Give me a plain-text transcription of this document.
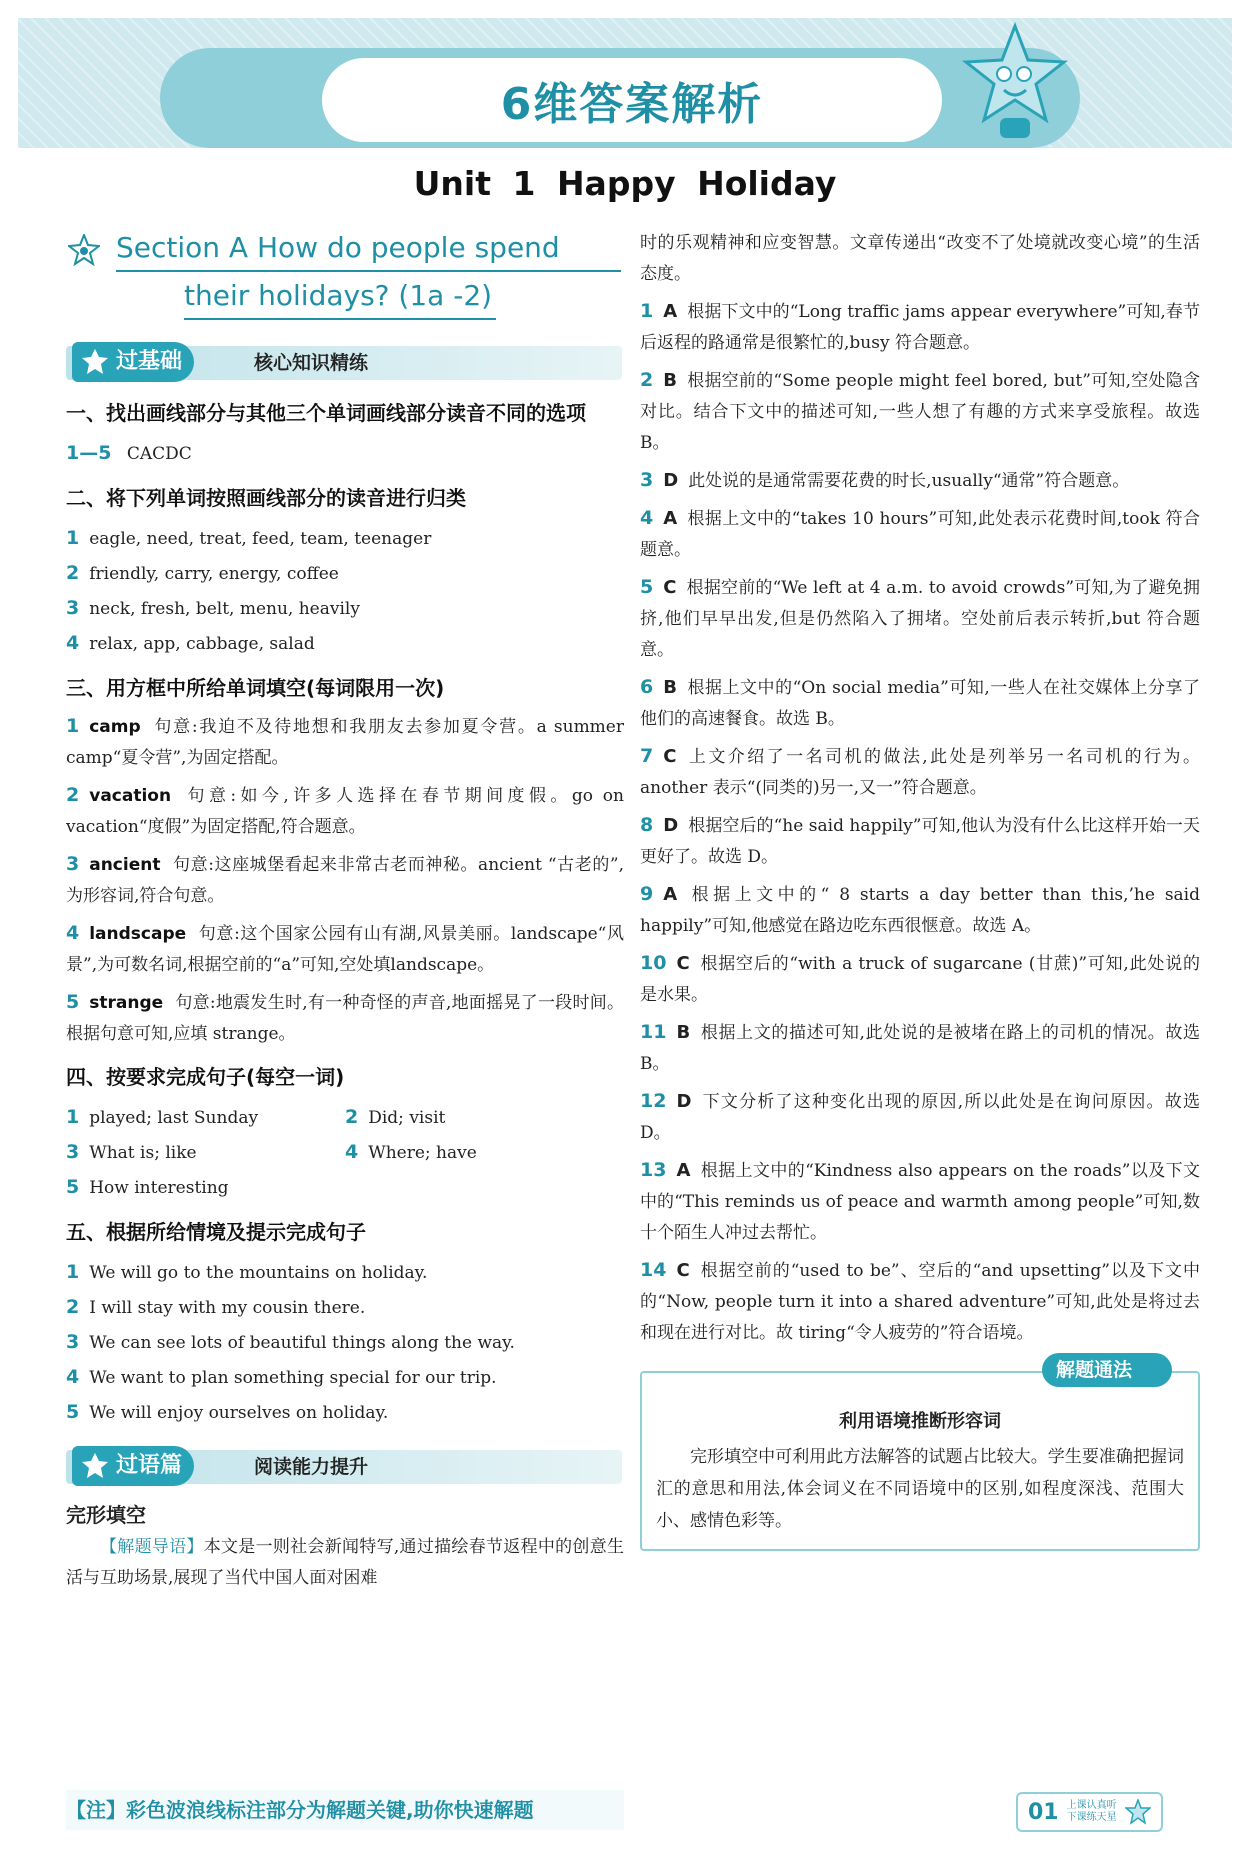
6维答案解析
Unit 1 Happy Holiday
Section A How do people spend
their holidays? (1a -2)
过基础	核心知识精练
一、找出画线部分与其他三个单词画线部分读音不同的选项
1—5 CACDC
二、将下列单词按照画线部分的读音进行归类
1 eagle, need, treat, feed, team, teenager
2 friendly, carry, energy, coffee
3 neck, fresh, belt, menu, heavily
4 relax, app, cabbage, salad
三、用方框中所给单词填空(每词限用一次)
1 camp 句意:我迫不及待地想和我朋友去参加夏令营。a summer camp“夏令营”,为固定搭配。
2 vacation 句意:如今,许多人选择在春节期间度假。go on vacation“度假”为固定搭配,符合题意。
3 ancient 句意:这座城堡看起来非常古老而神秘。ancient “古老的”,为形容词,符合句意。
4 landscape 句意:这个国家公园有山有湖,风景美丽。landscape“风景”,为可数名词,根据空前的“a”可知,空处填landscape。
5 strange 句意:地震发生时,有一种奇怪的声音,地面摇晃了一段时间。根据句意可知,应填 strange。
四、按要求完成句子(每空一词)
1 played; last Sunday	2 Did; visit
3 What is; like	4 Where; have
5 How interesting
五、根据所给情境及提示完成句子
1 We will go to the mountains on holiday.
2 I will stay with my cousin there.
3 We can see lots of beautiful things along the way.
4 We want to plan something special for our trip.
5 We will enjoy ourselves on holiday.
过语篇	阅读能力提升
完形填空
【解题导语】本文是一则社会新闻特写,通过描绘春节返程中的创意生活与互助场景,展现了当代中国人面对困难
时的乐观精神和应变智慧。文章传递出“改变不了处境就改变心境”的生活态度。
1 A 根据下文中的“Long traffic jams appear everywhere”可知,春节后返程的路通常是很繁忙的,busy 符合题意。
2 B 根据空前的“Some people might feel bored, but”可知,空处隐含对比。结合下文中的描述可知,一些人想了有趣的方式来享受旅程。故选 B。
3 D 此处说的是通常需要花费的时长,usually“通常”符合题意。
4 A 根据上文中的“takes 10 hours”可知,此处表示花费时间,took 符合题意。
5 C 根据空前的“We left at 4 a.m. to avoid crowds”可知,为了避免拥挤,他们早早出发,但是仍然陷入了拥堵。空处前后表示转折,but 符合题意。
6 B 根据上文中的“On social media”可知,一些人在社交媒体上分享了他们的高速餐食。故选 B。
7 C 上文介绍了一名司机的做法,此处是列举另一名司机的行为。another 表示“(同类的)另一,又一”符合题意。
8 D 根据空后的“he said happily”可知,他认为没有什么比这样开始一天更好了。故选 D。
9 A 根据上文中的“ 8 starts a day better than this,’he said happily”可知,他感觉在路边吃东西很惬意。故选 A。
10 C 根据空后的“with a truck of sugarcane (甘蔗)”可知,此处说的是水果。
11 B 根据上文的描述可知,此处说的是被堵在路上的司机的情况。故选 B。
12 D 下文分析了这种变化出现的原因,所以此处是在询问原因。故选 D。
13 A 根据上文中的“Kindness also appears on the roads”以及下文中的“This reminds us of peace and warmth among people”可知,数十个陌生人冲过去帮忙。
14 C 根据空前的“used to be”、空后的“and upsetting”以及下文中的“Now, people turn it into a shared adventure”可知,此处是将过去和现在进行对比。故 tiring“令人疲劳的”符合语境。
解题通法
利用语境推断形容词
完形填空中可利用此方法解答的试题占比较大。学生要准确把握词汇的意思和用法,体会词义在不同语境中的区别,如程度深浅、范围大小、感情色彩等。
【注】彩色波浪线标注部分为解题关键,助你快速解题	01 上课认真听
下课练天星
